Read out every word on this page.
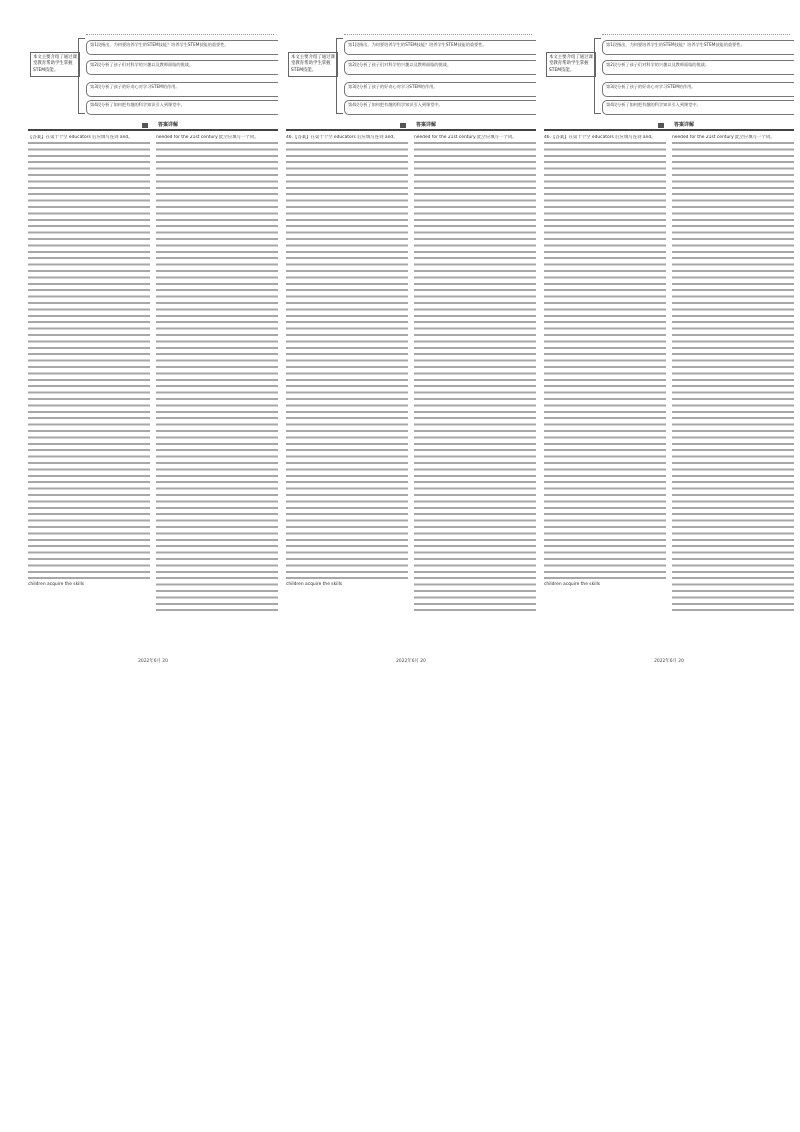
本文主要介绍了通过课堂教育帮助学生掌握STEM技能。
第1段指出，为何要培养学生的STEM技能？培养学生STEM技能的重要性。
第2段分析了孩子们对科学的兴趣以及教师面临的挑战。
第3段分析了孩子的好奇心对学习STEM的作用。
第4段分析了如何把有趣的科学知识引入到课堂中。
答案详解

【答案】在第十个空 educators 后应填写连词 and。

children acquire the skills

needed for the 21st century 此空应填写一个词。

2022年6月 20
本文主要介绍了通过课堂教育帮助学生掌握STEM技能。
第1段指出，为何要培养学生的STEM技能？培养学生STEM技能的重要性。
第2段分析了孩子们对科学的兴趣以及教师面临的挑战。
第3段分析了孩子的好奇心对学习STEM的作用。
第4段分析了如何把有趣的科学知识引入到课堂中。
答案详解

46.【答案】在第十个空 educators 后应填写连词 and。

children acquire the skills

needed for the 21st century 此空应填写一个词。

2022年6月 20
本文主要介绍了通过课堂教育帮助学生掌握STEM技能。
第1段指出，为何要培养学生的STEM技能？培养学生STEM技能的重要性。
第2段分析了孩子们对科学的兴趣以及教师面临的挑战。
第3段分析了孩子的好奇心对学习STEM的作用。
第4段分析了如何把有趣的科学知识引入到课堂中。
答案详解

46.【答案】在第十个空 educators 后应填写连词 and。

children acquire the skills

needed for the 21st century 此空应填写一个词。

2022年6月 20
